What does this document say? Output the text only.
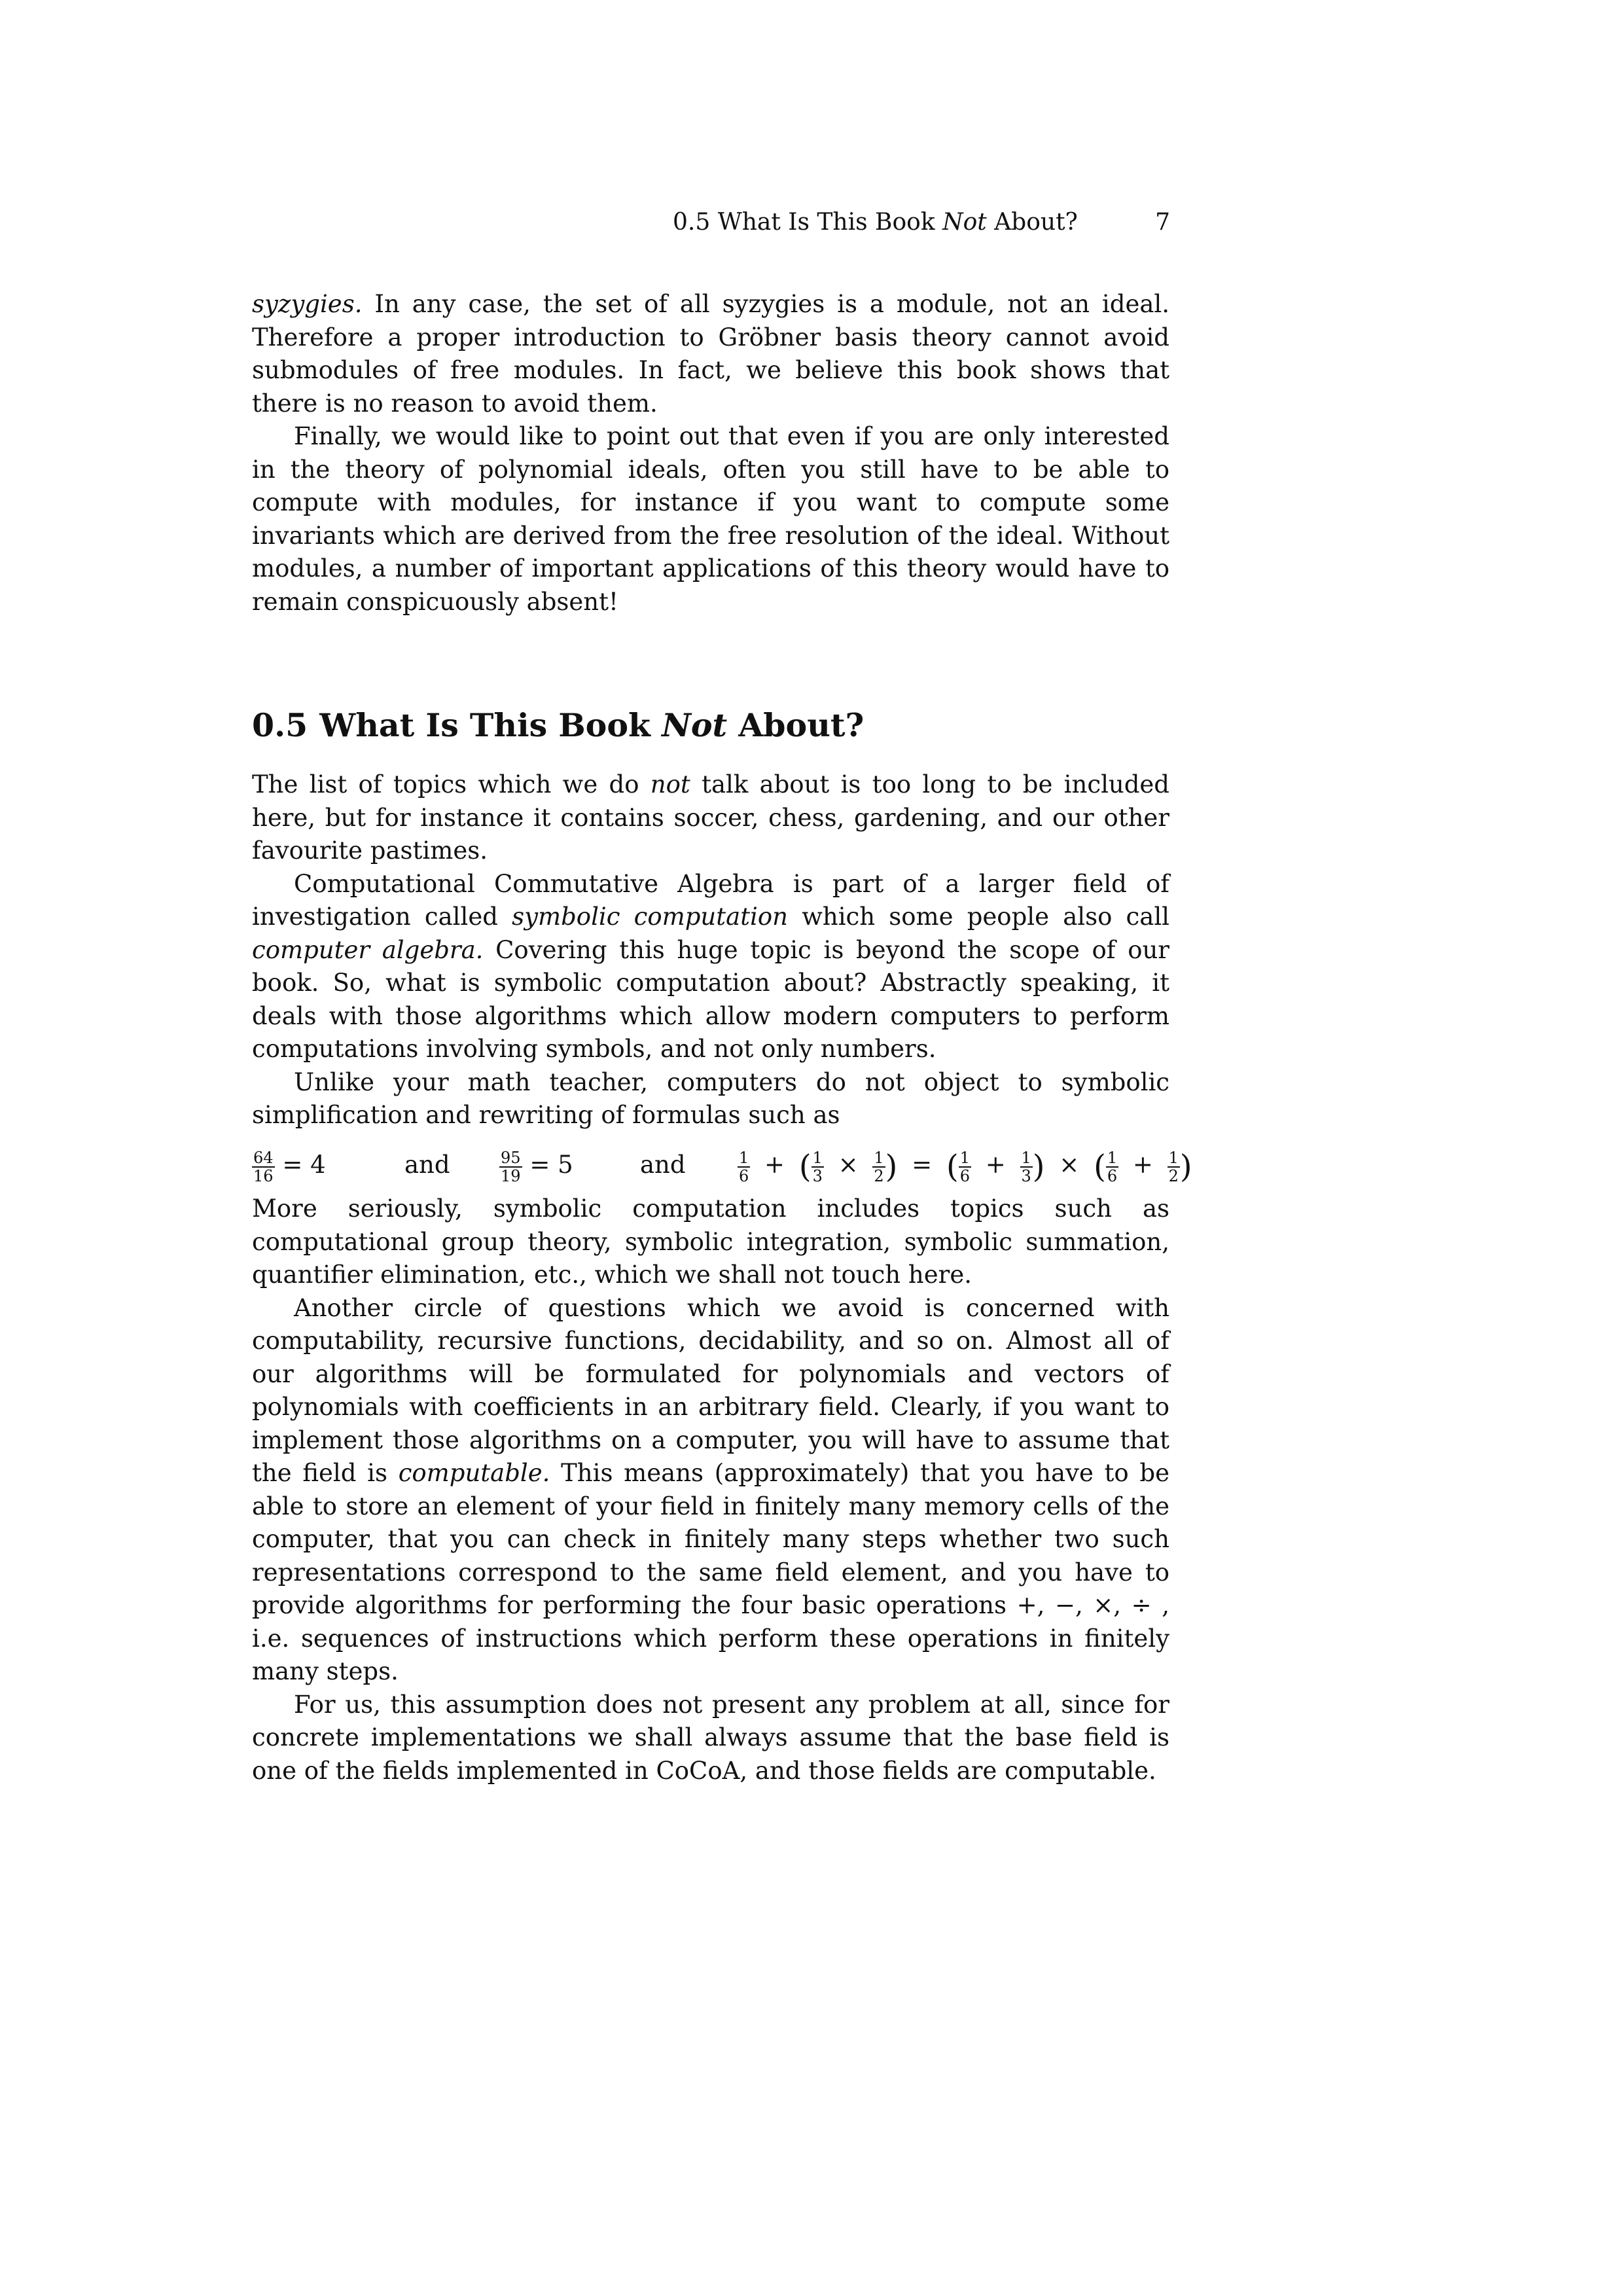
0.5 What Is This Book Not About?	7

syzygies. In any case, the set of all syzygies is a module, not an ideal. Therefore a proper introduction to Gröbner basis theory cannot avoid submodules of free modules. In fact, we believe this book shows that there is no reason to avoid them.

Finally, we would like to point out that even if you are only interested in the theory of polynomial ideals, often you still have to be able to compute with modules, for instance if you want to compute some invariants which are derived from the free resolution of the ideal. Without modules, a number of important applications of this theory would have to remain conspicuously absent!

0.5 What Is This Book Not About?

The list of topics which we do not talk about is too long to be included here, but for instance it contains soccer, chess, gardening, and our other favourite pastimes.

Computational Commutative Algebra is part of a larger field of investigation called symbolic computation which some people also call computer algebra. Covering this huge topic is beyond the scope of our book. So, what is symbolic computation about? Abstractly speaking, it deals with those algorithms which allow modern computers to perform computations involving symbols, and not only numbers.

Unlike your math teacher, computers do not object to symbolic simplification and rewriting of formulas such as

$\frac{64}{16} = 4$	and	$\frac{95}{19} = 5$	and	$\frac{1}{6}$ + ( $\frac{1}{3} \times \frac{1}{2}$ ) = ( $\frac{1}{6} + \frac{1}{3}$ ) × ( $\frac{1}{6} + \frac{1}{2}$ )

More seriously, symbolic computation includes topics such as computational group theory, symbolic integration, symbolic summation, quantifier elimination, etc., which we shall not touch here.

Another circle of questions which we avoid is concerned with computability, recursive functions, decidability, and so on. Almost all of our algorithms will be formulated for polynomials and vectors of polynomials with coefficients in an arbitrary field. Clearly, if you want to implement those algorithms on a computer, you will have to assume that the field is computable. This means (approximately) that you have to be able to store an element of your field in finitely many memory cells of the computer, that you can check in finitely many steps whether two such representations correspond to the same field element, and you have to provide algorithms for performing the four basic operations +, −, ×, ÷ , i.e. sequences of instructions which perform these operations in finitely many steps.

For us, this assumption does not present any problem at all, since for concrete implementations we shall always assume that the base field is one of the fields implemented in CoCoA, and those fields are computable.
